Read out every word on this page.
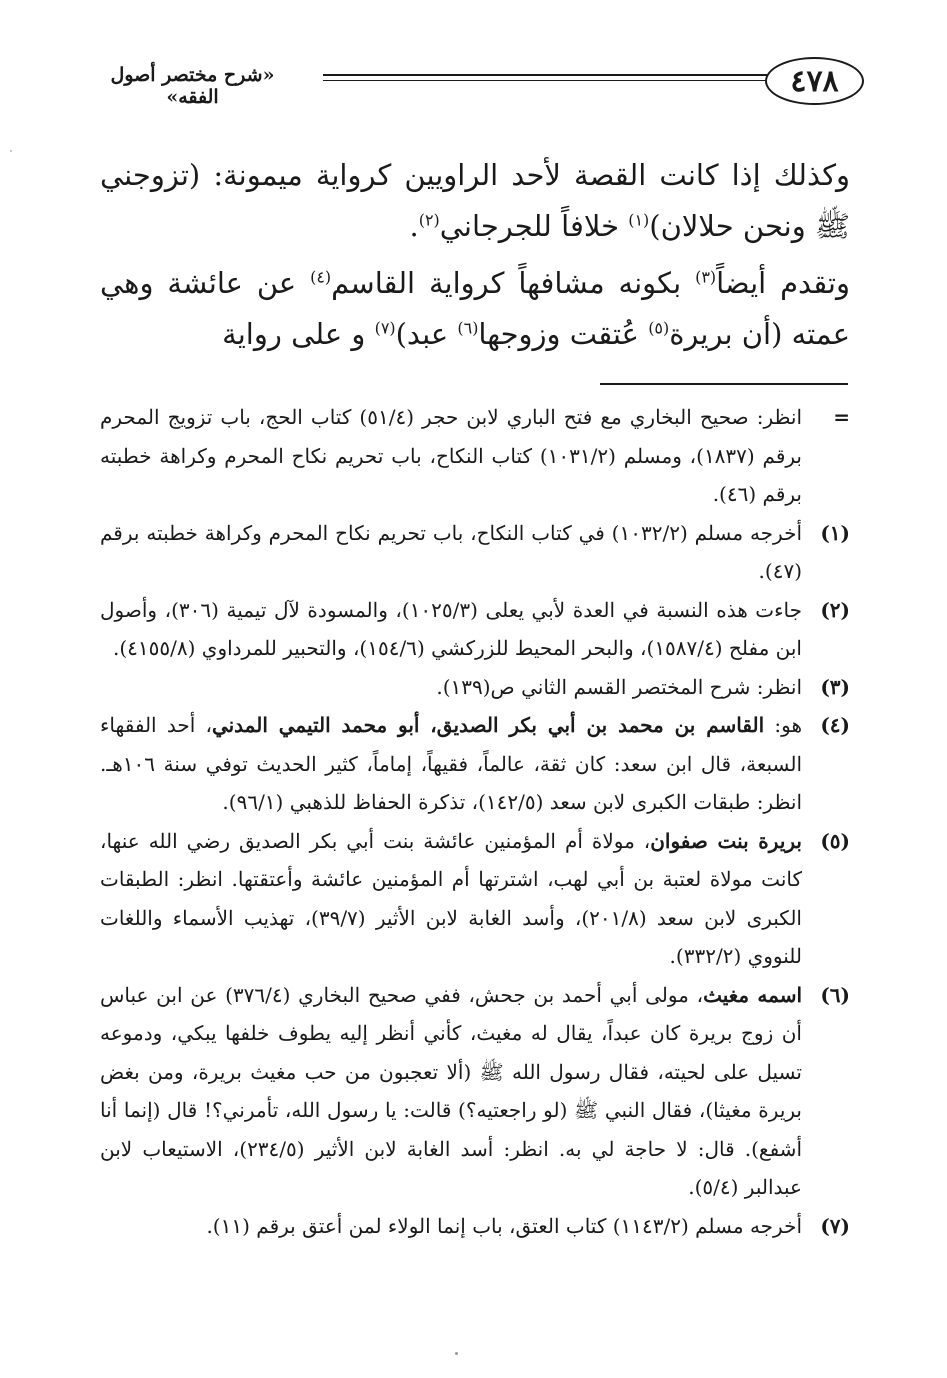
٤٧٨
«شرح مختصر أصول الفقه»

وكذلك إذا كانت القصة لأحد الراويين كرواية ميمونة: (تزوجني ﷺ ونحن حلالان)$^{(١)}$ خلافاً للجرجاني$^{(٢)}$.

وتقدم أيضاً$^{(٣)}$ بكونه مشافهاً كرواية القاسم$^{(٤)}$ عن عائشة وهي عمته (أن بريرة$^{(٥)}$ عُتقت وزوجها$^{(٦)}$ عبد)$^{(٧)}$ و على رواية

=
انظر: صحيح البخاري مع فتح الباري لابن حجر (٥١/٤) كتاب الحج، باب تزويج المحرم برقم (١٨٣٧)، ومسلم (١٠٣١/٢) كتاب النكاح، باب تحريم نكاح المحرم وكراهة خطبته برقم (٤٦).
(١)
أخرجه مسلم (١٠٣٢/٢) في كتاب النكاح، باب تحريم نكاح المحرم وكراهة خطبته برقم (٤٧).
(٢)
جاءت هذه النسبة في العدة لأبي يعلى (١٠٢٥/٣)، والمسودة لآل تيمية (٣٠٦)، وأصول ابن مفلح (١٥٨٧/٤)، والبحر المحيط للزركشي (١٥٤/٦)، والتحبير للمرداوي (٤١٥٥/٨).
(٣)
انظر: شرح المختصر القسم الثاني ص(١٣٩).
(٤)
هو: القاسم بن محمد بن أبي بكر الصديق، أبو محمد التيمي المدني، أحد الفقهاء السبعة، قال ابن سعد: كان ثقة، عالماً، فقيهاً، إماماً، كثير الحديث توفي سنة ١٠٦هـ. انظر: طبقات الكبرى لابن سعد (١٤٢/٥)، تذكرة الحفاظ للذهبي (٩٦/١).
(٥)
بريرة بنت صفوان، مولاة أم المؤمنين عائشة بنت أبي بكر الصديق رضي الله عنها، كانت مولاة لعتبة بن أبي لهب، اشترتها أم المؤمنين عائشة وأعتقتها. انظر: الطبقات الكبرى لابن سعد (٢٠١/٨)، وأسد الغابة لابن الأثير (٣٩/٧)، تهذيب الأسماء واللغات للنووي (٣٣٢/٢).
(٦)
اسمه مغيث، مولى أبي أحمد بن جحش، ففي صحيح البخاري (٣٧٦/٤) عن ابن عباس أن زوج بريرة كان عبداً، يقال له مغيث، كأني أنظر إليه يطوف خلفها يبكي، ودموعه تسيل على لحيته، فقال رسول الله ﷺ (ألا تعجبون من حب مغيث بريرة، ومن بغض بريرة مغيثا)، فقال النبي ﷺ (لو راجعتيه؟) قالت: يا رسول الله، تأمرني؟! قال (إنما أنا أشفع). قال: لا حاجة لي به. انظر: أسد الغابة لابن الأثير (٢٣٤/٥)، الاستيعاب لابن عبدالبر (٥/٤).
(٧)
أخرجه مسلم (١١٤٣/٢) كتاب العتق، باب إنما الولاء لمن أعتق برقم (١١).
